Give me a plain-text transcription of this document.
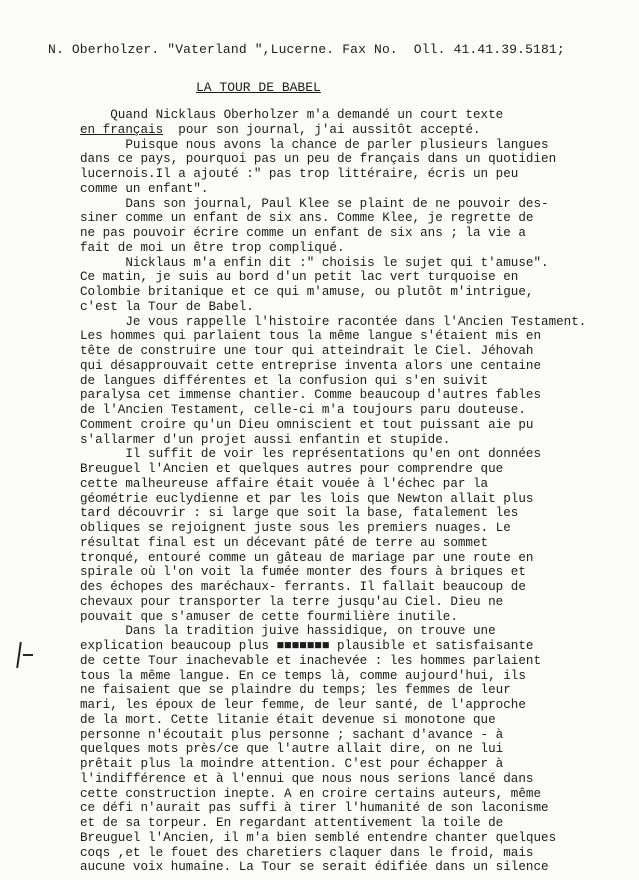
N. Oberholzer. "Vaterland ",Lucerne. Fax No.  Oll. 41.41.39.5181;
LA TOUR DE BABEL
Quand Nicklaus Oberholzer m'a demandé un court texte
en français  pour son journal, j'ai aussitôt accepté.
Puisque nous avons la chance de parler plusieurs langues
dans ce pays, pourquoi pas un peu de français dans un quotidien
lucernois.Il a ajouté :" pas trop littéraire, écris un peu
comme un enfant".
Dans son journal, Paul Klee se plaint de ne pouvoir des-
siner comme un enfant de six ans. Comme Klee, je regrette de
ne pas pouvoir écrire comme un enfant de six ans ; la vie a
fait de moi un être trop compliqué.
Nicklaus m'a enfin dit :" choisis le sujet qui t'amuse".
Ce matin, je suis au bord d'un petit lac vert turquoise en
Colombie britanique et ce qui m'amuse, ou plutôt m'intrigue,
c'est la Tour de Babel.
Je vous rappelle l'histoire racontée dans l'Ancien Testament.
Les hommes qui parlaient tous la même langue s'étaient mis en
tête de construire une tour qui atteindrait le Ciel. Jéhovah
qui désapprouvait cette entreprise inventa alors une centaine
de langues différentes et la confusion qui s'en suivit
paralysa cet immense chantier. Comme beaucoup d'autres fables
de l'Ancien Testament, celle-ci m'a toujours paru douteuse.
Comment croire qu'un Dieu omniscient et tout puissant aie pu
s'allarmer d'un projet aussi enfantin et stupide.
Il suffit de voir les représentations qu'en ont données
Breuguel l'Ancien et quelques autres pour comprendre que
cette malheureuse affaire était vouée à l'échec par la
géométrie euclydienne et par les lois que Newton allait plus
tard découvrir : si large que soit la base, fatalement les
obliques se rejoignent juste sous les premiers nuages. Le
résultat final est un décevant pâté de terre au sommet
tronqué, entouré comme un gâteau de mariage par une route en
spirale où l'on voit la fumée monter des fours à briques et
des échopes des maréchaux- ferrants. Il fallait beaucoup de
chevaux pour transporter la terre jusqu'au Ciel. Dieu ne
pouvait que s'amuser de cette fourmilière inutile.
Dans la tradition juive hassidique, on trouve une
explication beaucoup plus ■■■■■■■ plausible et satisfaisante
de cette Tour inachevable et inachevée : les hommes parlaient
tous la même langue. En ce temps là, comme aujourd'hui, ils
ne faisaient que se plaindre du temps; les femmes de leur
mari, les époux de leur femme, de leur santé, de l'approche
de la mort. Cette litanie était devenue si monotone que
personne n'écoutait plus personne ; sachant d'avance - à
quelques mots près/ce que l'autre allait dire, on ne lui
prêtait plus la moindre attention. C'est pour échapper à
l'indifférence et à l'ennui que nous nous serions lancé dans
cette construction inepte. A en croire certains auteurs, même
ce défi n'aurait pas suffi à tirer l'humanité de son laconisme
et de sa torpeur. En regardant attentivement la toile de
Breuguel l'Ancien, il m'a bien semblé entendre chanter quelques
coqs ,et le fouet des charetiers claquer dans le froid, mais
aucune voix humaine. La Tour se serait édifiée dans un silence
